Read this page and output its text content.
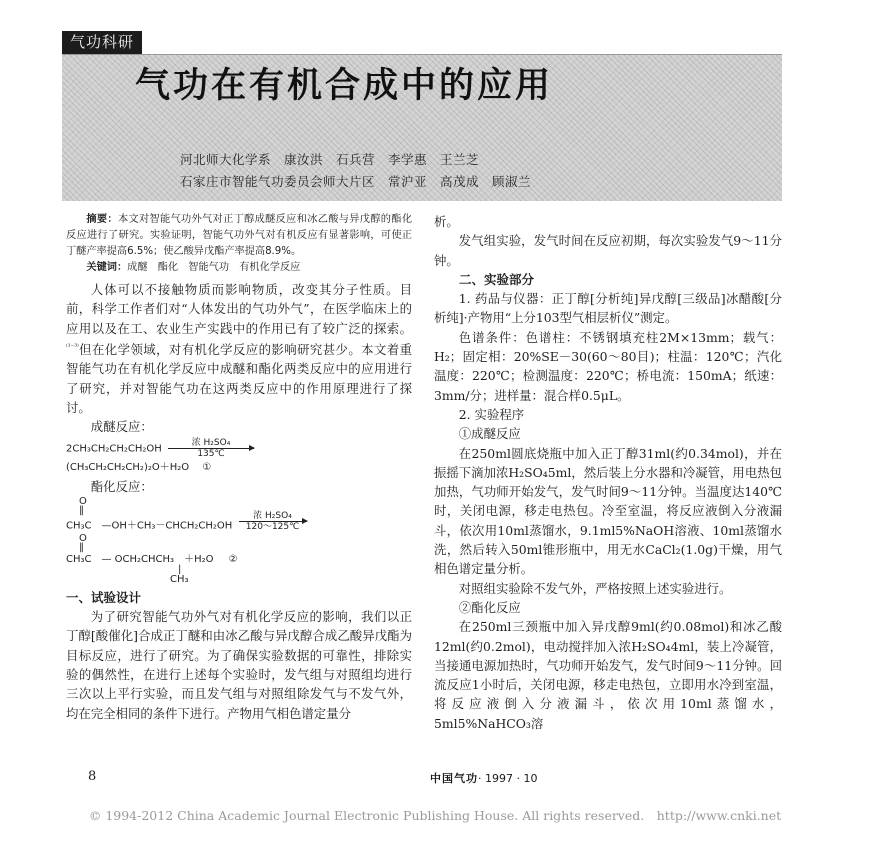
气功科研
气功在有机合成中的应用
河北师大化学系　康汝洪　石兵营　李学惠　王兰芝
石家庄市智能气功委员会师大片区　常沪亚　高茂成　顾淑兰

摘要：本文对智能气功外气对正丁醇成醚反应和冰乙酸与异戊醇的酯化反应进行了研究。实验证明，智能气功外气对有机反应有显著影响，可使正丁醚产率提高6.5%；使乙酸异戊酯产率提高8.9%。

关键词：成醚　酯化　智能气功　有机化学反应

人体可以不接触物质而影响物质，改变其分子性质。目前，科学工作者们对“人体发出的气功外气”，在医学临床上的应用以及在工、农业生产实践中的作用已有了较广泛的探索。$^{^{(1-3)}}$但在化学领域，对有机化学反应的影响研究甚少。本文着重智能气功在有机化学反应中成醚和酯化两类反应中的应用进行了研究，并对智能气功在这两类反应中的作用原理进行了探讨。

成醚反应：

2CH₃CH₂CH₂CH₂OH
浓 H₂SO₄
135℃
(CH₃CH₂CH₂CH₂)₂O＋H₂O ①

酯化反应：

O
‖
CH₃C　—OH＋CH₃－CHCH₂CH₂OH
浓 H₂SO₄
120～125℃
O
‖
CH₃C　— OCH₂CHCH₃　＋H₂O ②
|
CH₃

一、试验设计

为了研究智能气功外气对有机化学反应的影响，我们以正丁醇[酸催化]合成正丁醚和由冰乙酸与异戊醇合成乙酸异戊酯为目标反应，进行了研究。为了确保实验数据的可靠性，排除实验的偶然性，在进行上述每个实验时，发气组与对照组均进行三次以上平行实验，而且发气组与对照组除发气与不发气外，均在完全相同的条件下进行。产物用气相色谱定量分

析。

发气组实验，发气时间在反应初期，每次实验发气9～11分钟。

二、实验部分

1. 药品与仪器：正丁醇[分析纯]异戊醇[三级品]冰醋酸[分析纯]·产物用“上分103型气相层析仪”测定。

色谱条件：色谱柱：不锈钢填充柱2M×13mm；载气：H₂；固定相：20%SE－30(60～80目)；柱温：120℃；汽化温度：220℃；检测温度：220℃；桥电流：150mA；纸速：3mm/分；进样量：混合样0.5μL。

2. 实验程序

①成醚反应

在250ml圆底烧瓶中加入正丁醇31ml(约0.34mol)，并在振摇下滴加浓H₂SO₄5ml，然后装上分水器和冷凝管，用电热包加热，气功师开始发气，发气时间9～11分钟。当温度达140℃时，关闭电源，移走电热包。冷至室温，将反应液倒入分液漏斗，依次用10ml蒸馏水，9.1ml5%NaOH溶液、10ml蒸馏水洗，然后转入50ml锥形瓶中，用无水CaCl₂(1.0g)干燥，用气相色谱定量分析。

对照组实验除不发气外，严格按照上述实验进行。

②酯化反应

在250ml三颈瓶中加入异戊醇9ml(约0.08mol)和冰乙酸12ml(约0.2mol)，电动搅拌加入浓H₂SO₄4ml，装上冷凝管，当接通电源加热时，气功师开始发气，发气时间9～11分钟。回流反应1小时后，关闭电源，移走电热包，立即用水冷到室温，将反应液倒入分液漏斗，依次用10ml蒸馏水，5ml5%NaHCO₃溶

8	中国气功· 1997 · 10
© 1994-2012 China Academic Journal Electronic Publishing House. All rights reserved.　http://www.cnki.net
